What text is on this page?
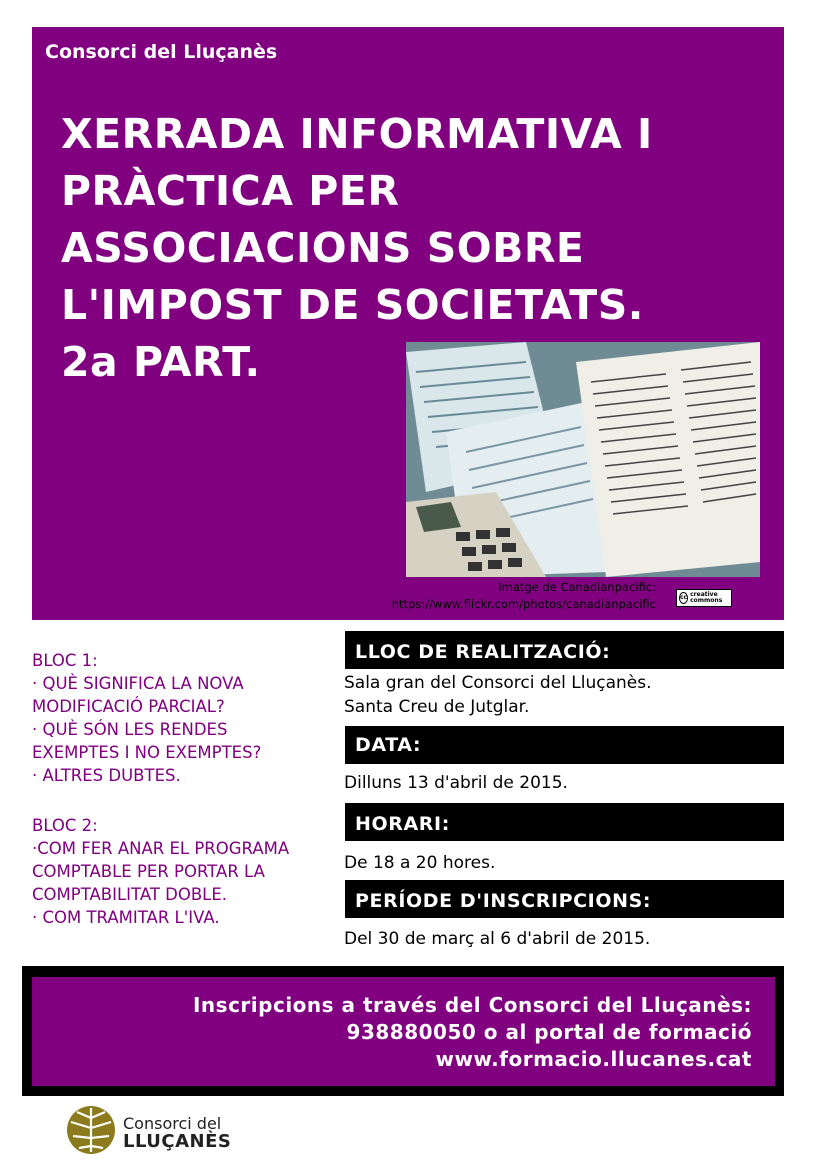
Consorci del Lluçanès
XERRADA INFORMATIVA I
PRÀCTICA PER
ASSOCIACIONS SOBRE
L'IMPOST DE SOCIETATS.
2a PART.
Imatge de Canadianpacific:
https://www.flickr.com/photos/canadianpacific	cc creative commons
BLOC 1:
· QUÈ SIGNIFICA LA NOVA
MODIFICACIÓ PARCIAL?
· QUÈ SÓN LES RENDES
EXEMPTES I NO EXEMPTES?
· ALTRES DUBTES.
BLOC 2:
·COM FER ANAR EL PROGRAMA
COMPTABLE PER PORTAR LA
COMPTABILITAT DOBLE.
· COM TRAMITAR L'IVA.
LLOC DE REALITZACIÓ:
Sala gran del Consorci del Lluçanès.
Santa Creu de Jutglar.
DATA:
Dilluns 13 d'abril de 2015.
HORARI:
De 18 a 20 hores.
PERÍODE D'INSCRIPCIONS:
Del 30 de març al 6 d'abril de 2015.
Inscripcions a través del Consorci del Lluçanès:
938880050 o al portal de formació
www.formacio.llucanes.cat
Consorci del
LLUÇANÈS
